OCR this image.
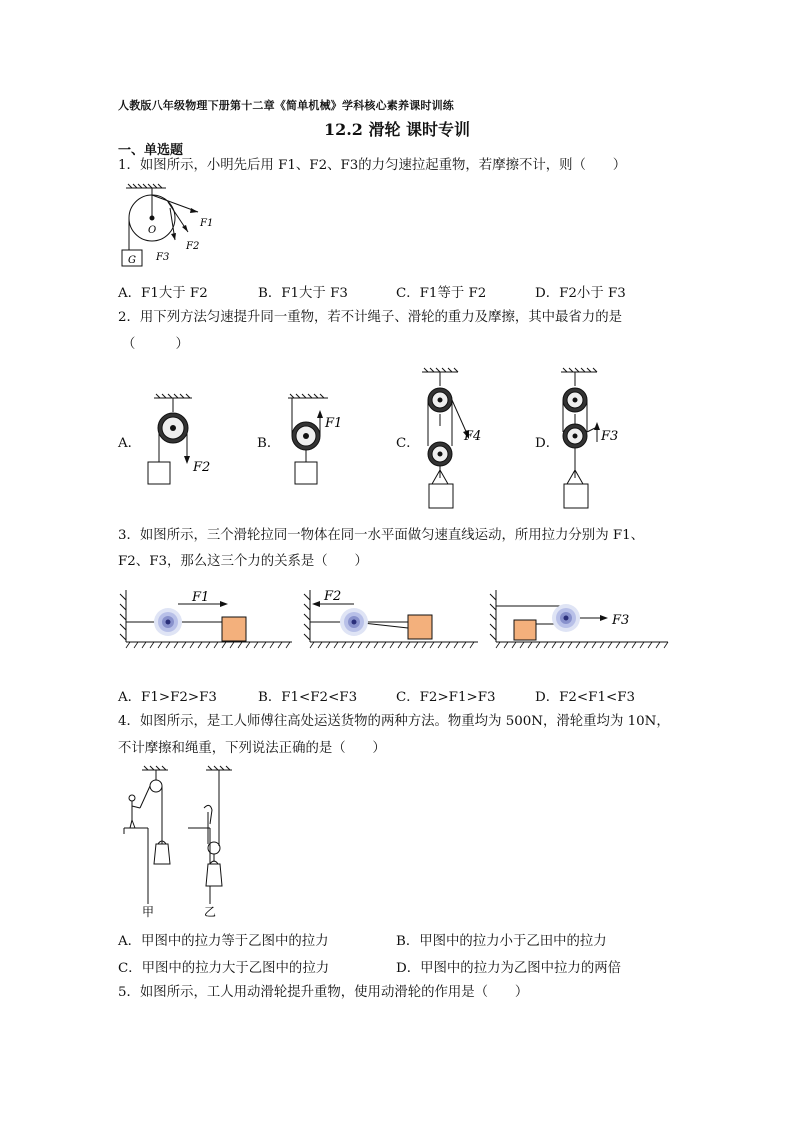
人教版八年级物理下册第十二章《简单机械》学科核心素养课时训练
12.2 滑轮 课时专训
一、单选题
1．如图所示，小明先后用 F1、F2、F3的力匀速拉起重物，若摩擦不计，则（　　）
O
G
F1
F2
F3
A．F1大于 F2	B．F1大于 F3	C．F1等于 F2	D．F2小于 F3
2．用下列方法匀速提升同一重物，若不计绳子、滑轮的重力及摩擦，其中最省力的是
（　　　）
A．
F2
B．
F1
C．	F4	D．	F3
3．如图所示，三个滑轮拉同一物体在同一水平面做匀速直线运动，所用拉力分别为 F1、
F2、F3，那么这三个力的关系是（　　）
F1	F2
F3
A．F1>F2>F3	B．F1<F2<F3	C．F2>F1>F3	D．F2<F1<F3
4．如图所示，是工人师傅往高处运送货物的两种方法。物重均为 500N，滑轮重均为 10N，
不计摩擦和绳重，下列说法正确的是（　　）
甲	乙
A．甲图中的拉力等于乙图中的拉力	B．甲图中的拉力小于乙田中的拉力
C．甲图中的拉力大于乙图中的拉力	D．甲图中的拉力为乙图中拉力的两倍
5．如图所示，工人用动滑轮提升重物，使用动滑轮的作用是（　　）
